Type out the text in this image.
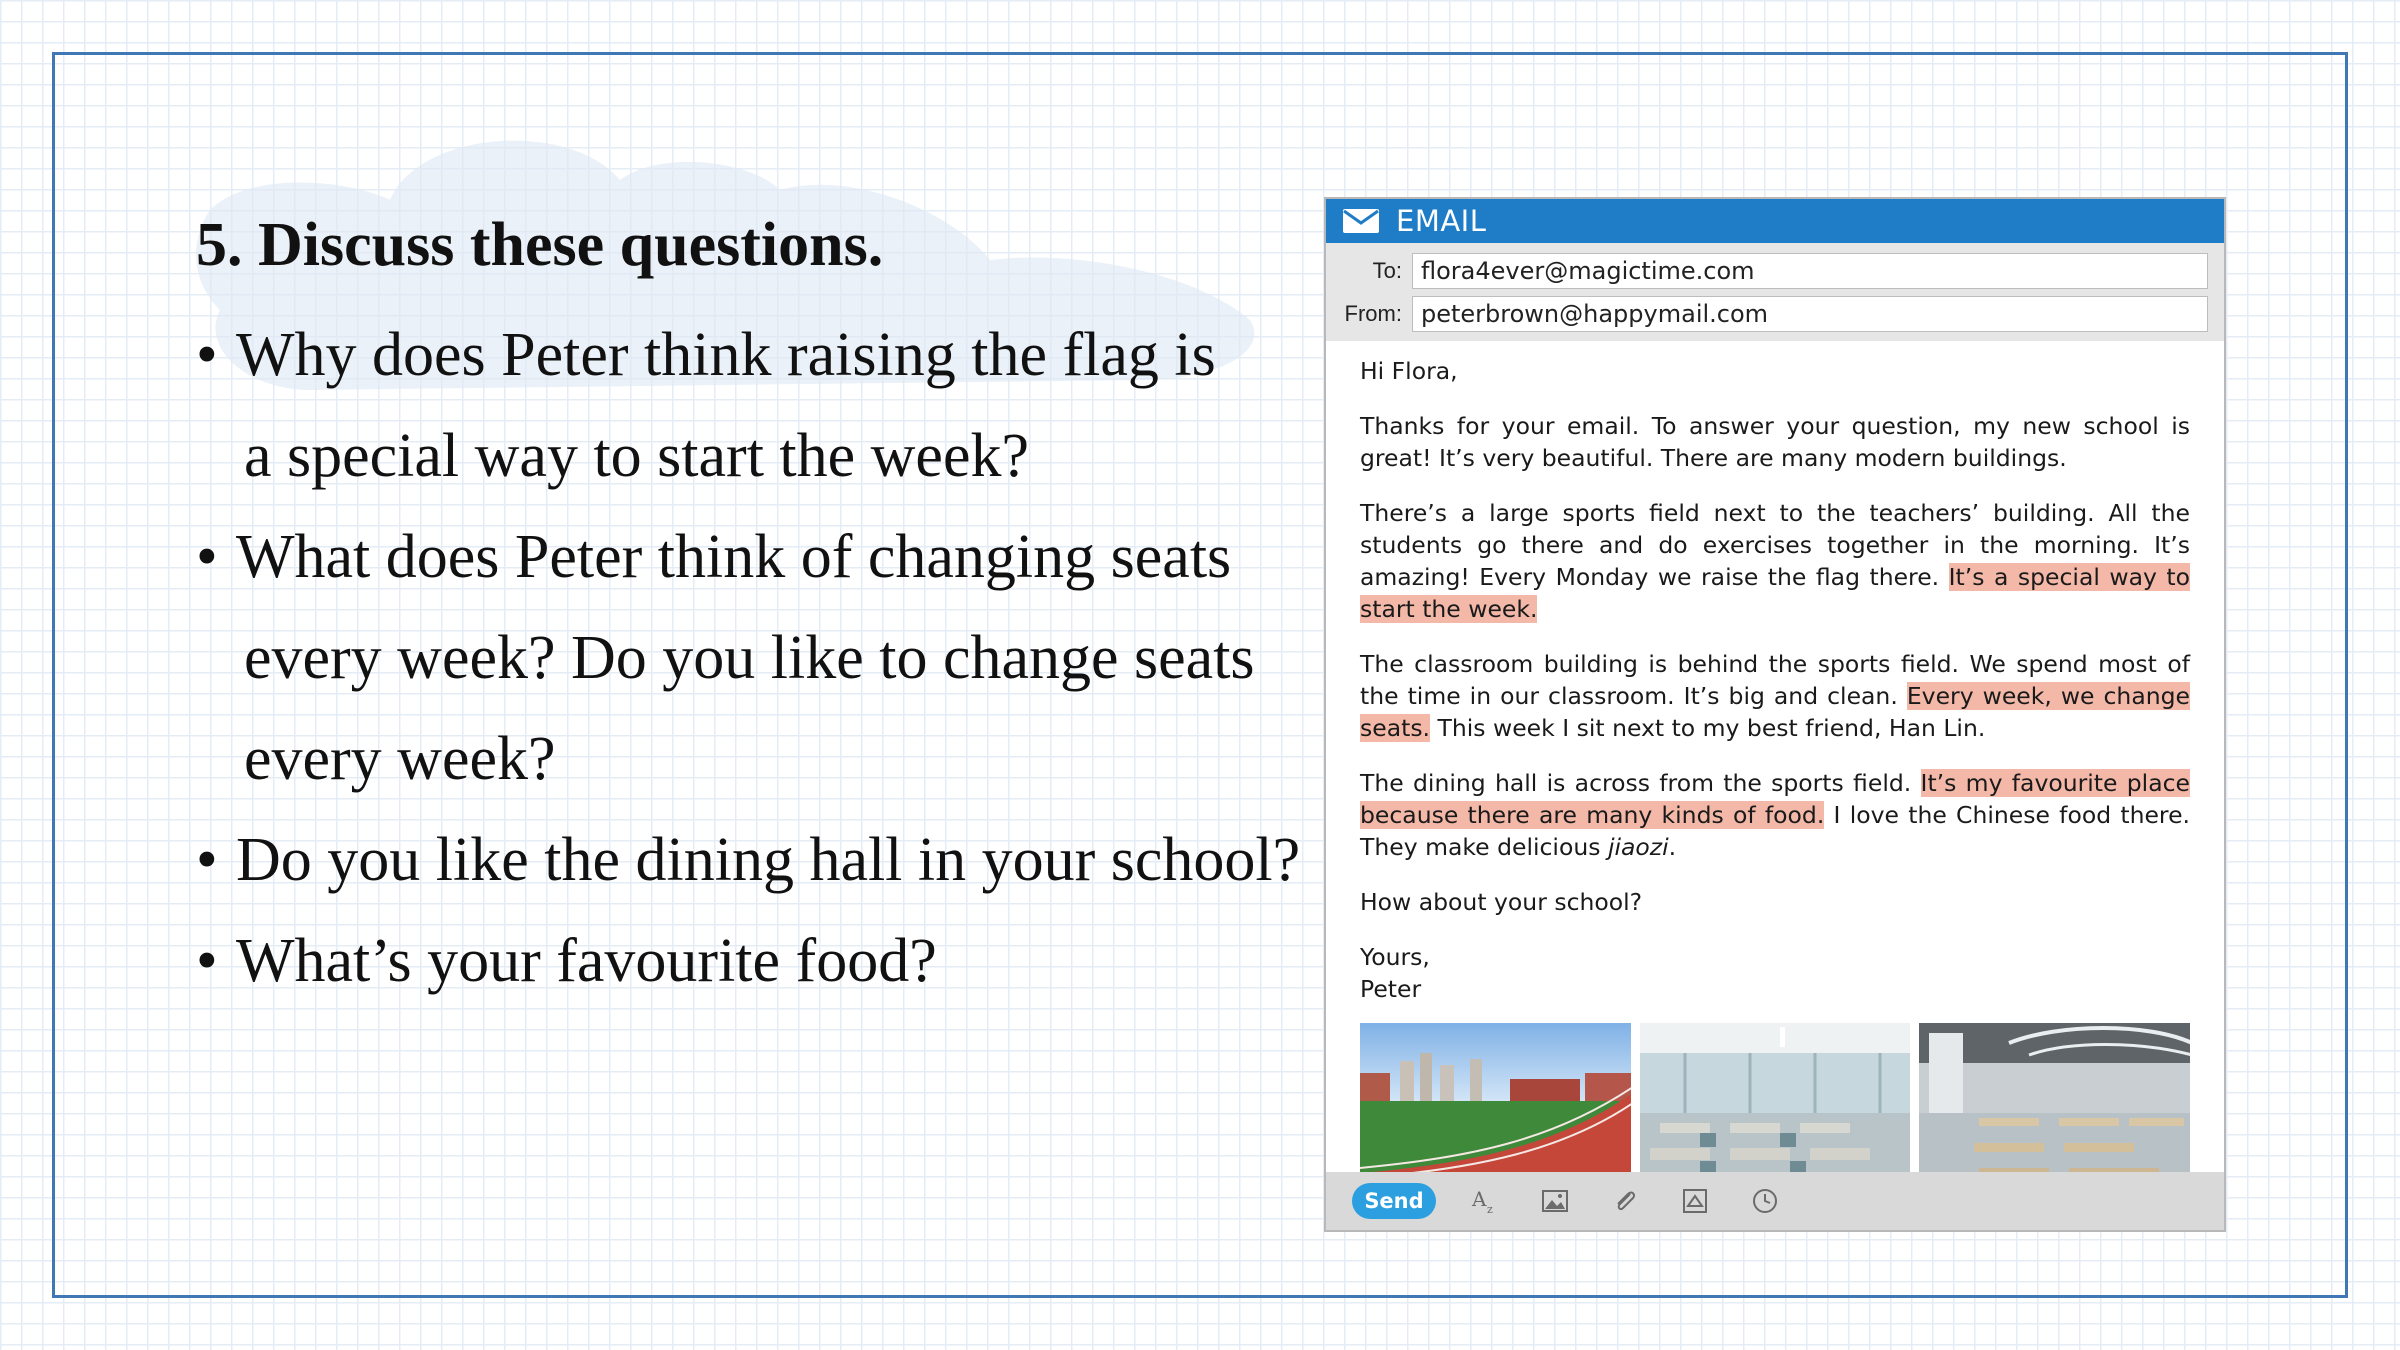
5. Discuss these questions.
• Why does Peter think raising the flag is
a special way to start the week?
• What does Peter think of changing seats
every week? Do you like to change seats
every week?
• Do you like the dining hall in your school?
• What’s your favourite food?
EMAIL
To: flora4ever@magictime.com
From: peterbrown@happymail.com

Hi Flora,

Thanks for your email. To answer your question, my new school is great! It’s very beautiful. There are many modern buildings.

There’s a large sports field next to the teachers’ building. All the students go there and do exercises together in the morning. It’s amazing! Every Monday we raise the flag there. It’s a special way to start the week.

The classroom building is behind the sports field. We spend most of the time in our classroom. It’s big and clean. Every week, we change seats. This week I sit next to my best friend, Han Lin.

The dining hall is across from the sports field. It’s my favourite place because there are many kinds of food. I love the Chinese food there. They make delicious jiaozi.

How about your school?

Yours,

Peter

Send	A z
